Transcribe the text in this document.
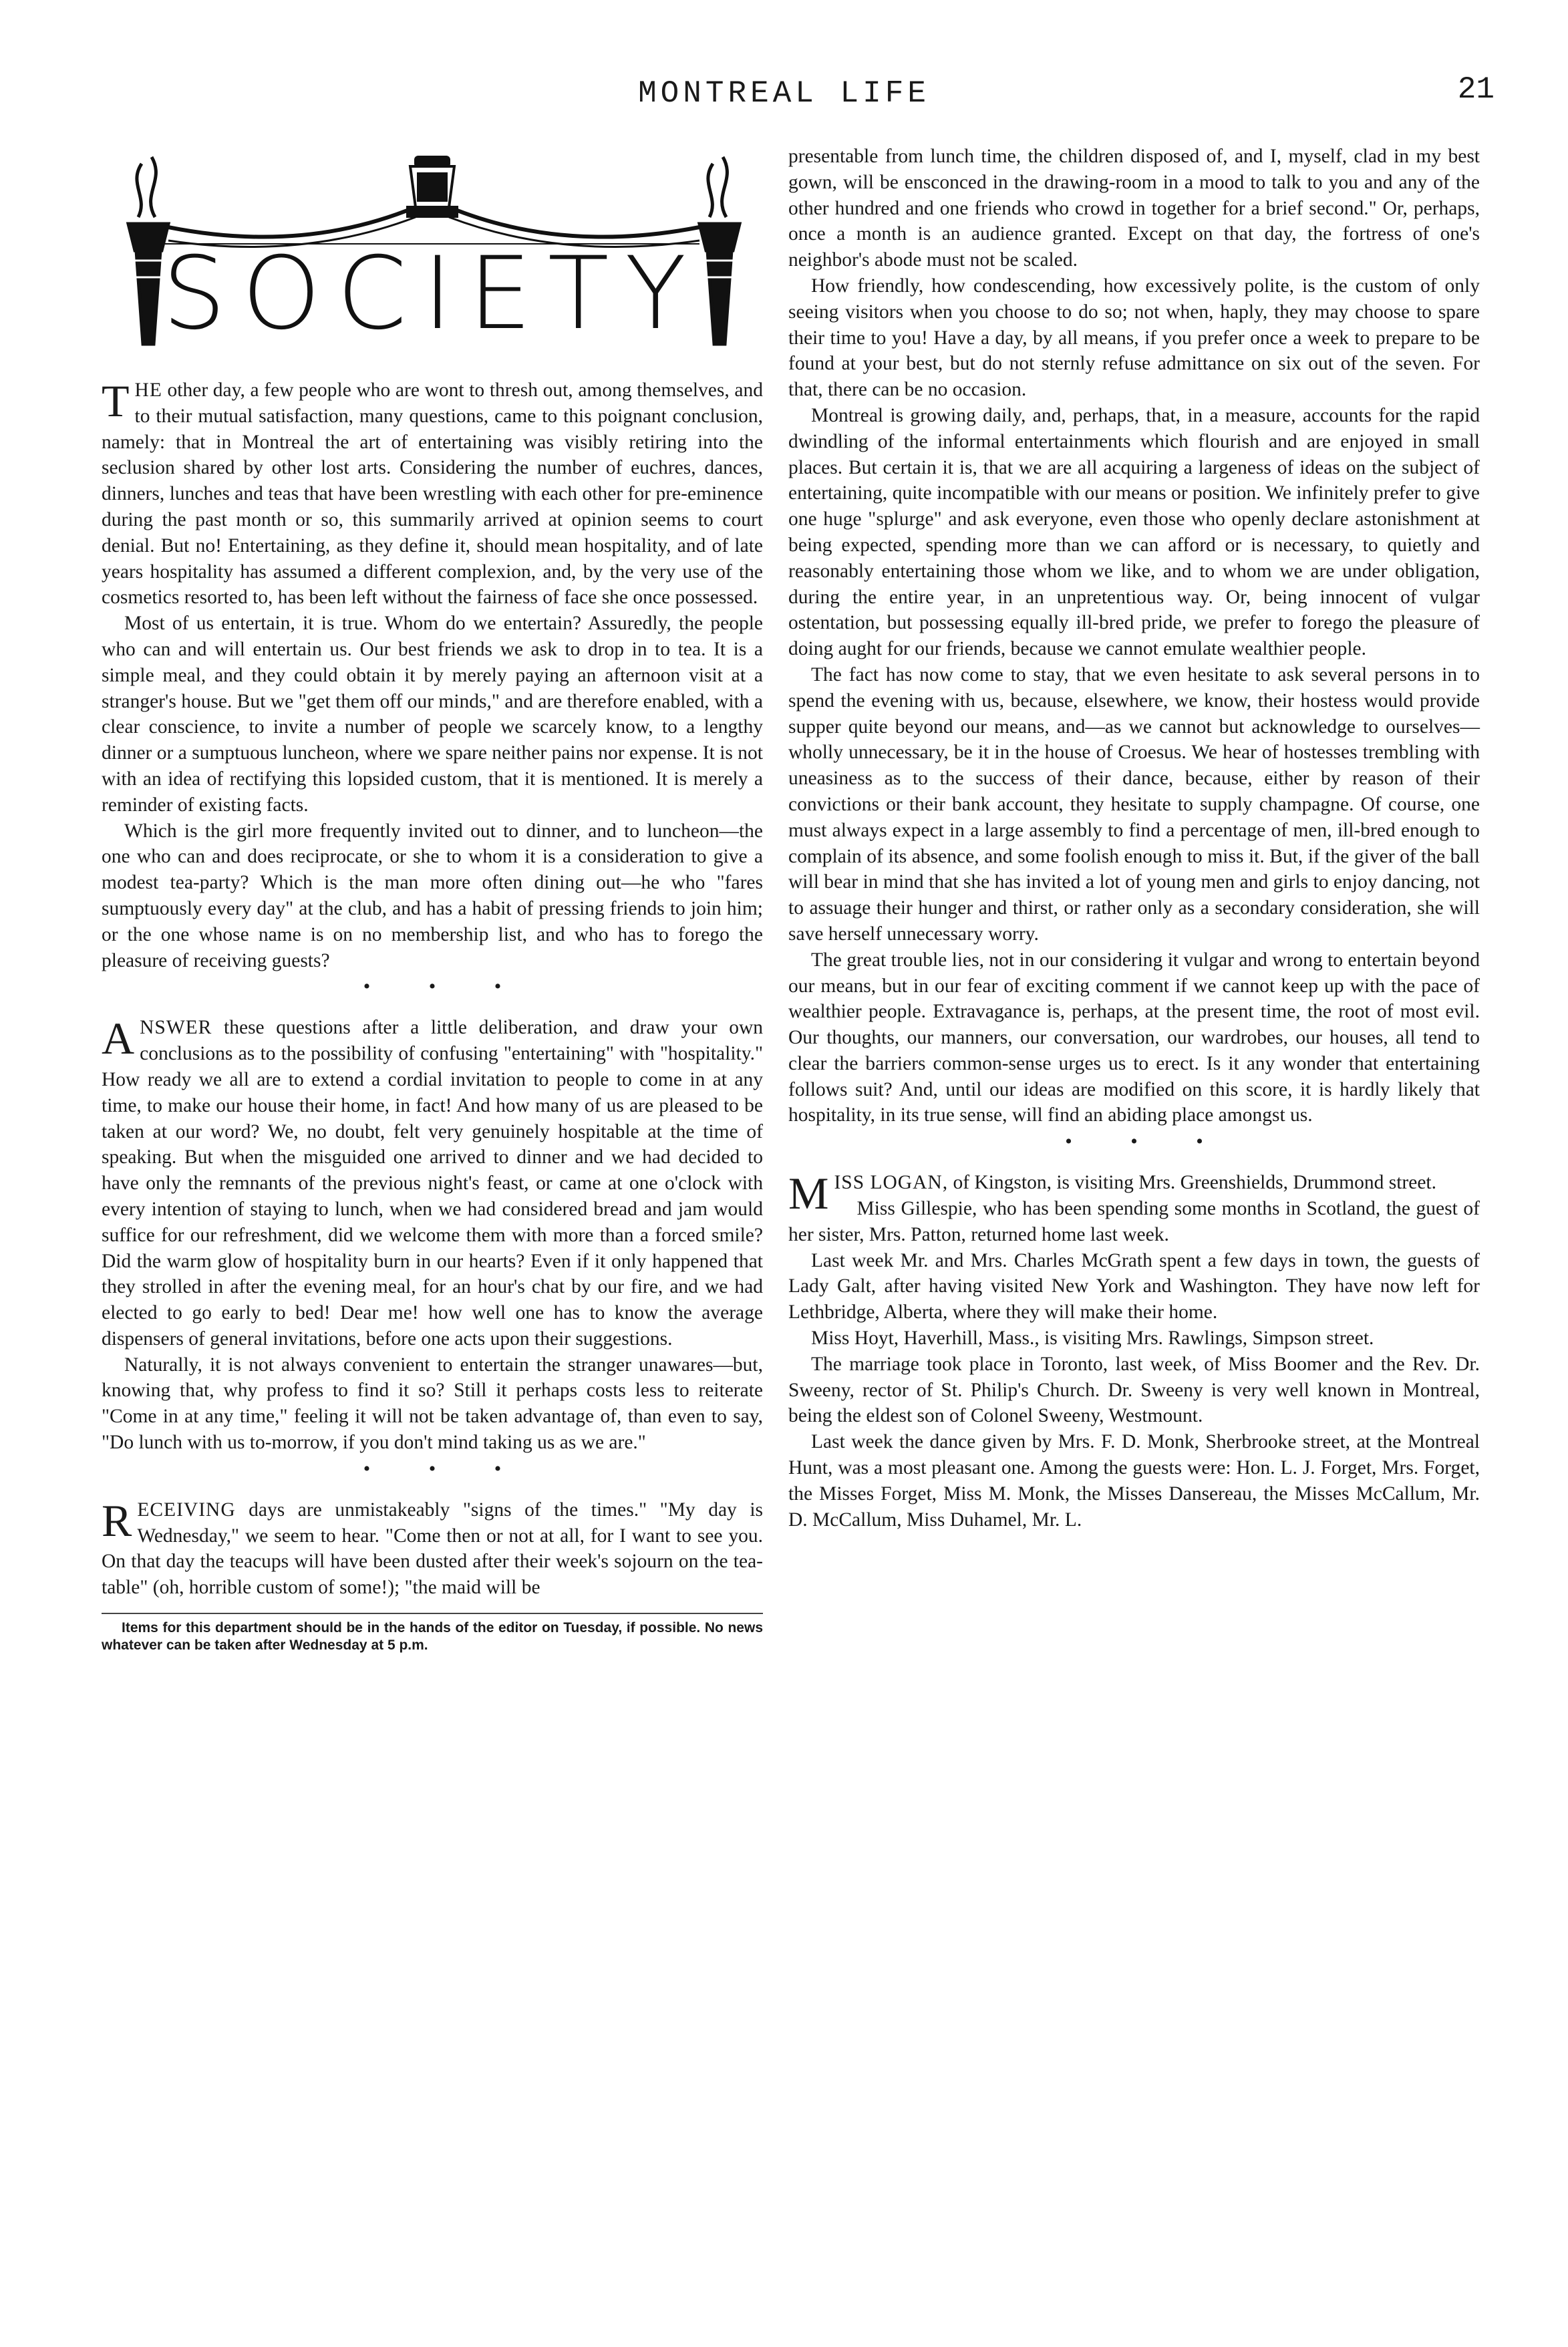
MONTREAL LIFE	21
SOCIETY

THE other day, a few people who are wont to thresh out, among themselves, and to their mutual satisfaction, many questions, came to this poignant conclusion, namely: that in Montreal the art of entertaining was visibly retiring into the seclusion shared by other lost arts. Considering the number of euchres, dances, dinners, lunches and teas that have been wrestling with each other for pre-eminence during the past month or so, this summarily arrived at opinion seems to court denial. But no! Entertaining, as they define it, should mean hospitality, and of late years hospitality has assumed a different complexion, and, by the very use of the cosmetics resorted to, has been left without the fairness of face she once possessed.

Most of us entertain, it is true. Whom do we entertain? Assuredly, the people who can and will entertain us. Our best friends we ask to drop in to tea. It is a simple meal, and they could obtain it by merely paying an afternoon visit at a stranger's house. But we "get them off our minds," and are therefore enabled, with a clear conscience, to invite a number of people we scarcely know, to a lengthy dinner or a sumptuous luncheon, where we spare neither pains nor expense. It is not with an idea of rectifying this lopsided custom, that it is mentioned. It is merely a reminder of existing facts.

Which is the girl more frequently invited out to dinner, and to luncheon—the one who can and does reciprocate, or she to whom it is a consideration to give a modest tea-party? Which is the man more often dining out—he who "fares sumptuously every day" at the club, and has a habit of pressing friends to join him; or the one whose name is on no membership list, and who has to forego the pleasure of receiving guests?

• • •

ANSWER these questions after a little deliberation, and draw your own conclusions as to the possibility of confusing "entertaining" with "hospitality." How ready we all are to extend a cordial invitation to people to come in at any time, to make our house their home, in fact! And how many of us are pleased to be taken at our word? We, no doubt, felt very genuinely hospitable at the time of speaking. But when the misguided one arrived to dinner and we had decided to have only the remnants of the previous night's feast, or came at one o'clock with every intention of staying to lunch, when we had considered bread and jam would suffice for our refreshment, did we welcome them with more than a forced smile? Did the warm glow of hospitality burn in our hearts? Even if it only happened that they strolled in after the evening meal, for an hour's chat by our fire, and we had elected to go early to bed! Dear me! how well one has to know the average dispensers of general invitations, before one acts upon their suggestions.

Naturally, it is not always convenient to entertain the stranger unawares—but, knowing that, why profess to find it so? Still it perhaps costs less to reiterate "Come in at any time," feeling it will not be taken advantage of, than even to say, "Do lunch with us to-morrow, if you don't mind taking us as we are."

• • •

RECEIVING days are unmistakeably "signs of the times." "My day is Wednesday," we seem to hear. "Come then or not at all, for I want to see you. On that day the teacups will have been dusted after their week's sojourn on the tea-table" (oh, horrible custom of some!); "the maid will be

Items for this department should be in the hands of the editor on Tuesday, if possible. No news whatever can be taken after Wednesday at 5 p.m.

presentable from lunch time, the children disposed of, and I, myself, clad in my best gown, will be ensconced in the drawing-room in a mood to talk to you and any of the other hundred and one friends who crowd in together for a brief second." Or, perhaps, once a month is an audience granted. Except on that day, the fortress of one's neighbor's abode must not be scaled.

How friendly, how condescending, how excessively polite, is the custom of only seeing visitors when you choose to do so; not when, haply, they may choose to spare their time to you! Have a day, by all means, if you prefer once a week to prepare to be found at your best, but do not sternly refuse admittance on six out of the seven. For that, there can be no occasion.

Montreal is growing daily, and, perhaps, that, in a measure, accounts for the rapid dwindling of the informal entertainments which flourish and are enjoyed in small places. But certain it is, that we are all acquiring a largeness of ideas on the subject of entertaining, quite incompatible with our means or position. We infinitely prefer to give one huge "splurge" and ask everyone, even those who openly declare astonishment at being expected, spending more than we can afford or is necessary, to quietly and reasonably entertaining those whom we like, and to whom we are under obligation, during the entire year, in an unpretentious way. Or, being innocent of vulgar ostentation, but possessing equally ill-bred pride, we prefer to forego the pleasure of doing aught for our friends, because we cannot emulate wealthier people.

The fact has now come to stay, that we even hesitate to ask several persons in to spend the evening with us, because, elsewhere, we know, their hostess would provide supper quite beyond our means, and—as we cannot but acknowledge to ourselves—wholly unnecessary, be it in the house of Croesus. We hear of hostesses trembling with uneasiness as to the success of their dance, because, either by reason of their convictions or their bank account, they hesitate to supply champagne. Of course, one must always expect in a large assembly to find a percentage of men, ill-bred enough to complain of its absence, and some foolish enough to miss it. But, if the giver of the ball will bear in mind that she has invited a lot of young men and girls to enjoy dancing, not to assuage their hunger and thirst, or rather only as a secondary consideration, she will save herself unnecessary worry.

The great trouble lies, not in our considering it vulgar and wrong to entertain beyond our means, but in our fear of exciting comment if we cannot keep up with the pace of wealthier people. Extravagance is, perhaps, at the present time, the root of most evil. Our thoughts, our manners, our conversation, our wardrobes, our houses, all tend to clear the barriers common-sense urges us to erect. Is it any wonder that entertaining follows suit? And, until our ideas are modified on this score, it is hardly likely that hospitality, in its true sense, will find an abiding place amongst us.

• • •

MISS LOGAN, of Kingston, is visiting Mrs. Greenshields, Drummond street.

Miss Gillespie, who has been spending some months in Scotland, the guest of her sister, Mrs. Patton, returned home last week.

Last week Mr. and Mrs. Charles McGrath spent a few days in town, the guests of Lady Galt, after having visited New York and Washington. They have now left for Lethbridge, Alberta, where they will make their home.

Miss Hoyt, Haverhill, Mass., is visiting Mrs. Rawlings, Simpson street.

The marriage took place in Toronto, last week, of Miss Boomer and the Rev. Dr. Sweeny, rector of St. Philip's Church. Dr. Sweeny is very well known in Montreal, being the eldest son of Colonel Sweeny, Westmount.

Last week the dance given by Mrs. F. D. Monk, Sherbrooke street, at the Montreal Hunt, was a most pleasant one. Among the guests were: Hon. L. J. Forget, Mrs. Forget, the Misses Forget, Miss M. Monk, the Misses Dansereau, the Misses McCallum, Mr. D. McCallum, Miss Duhamel, Mr. L.
